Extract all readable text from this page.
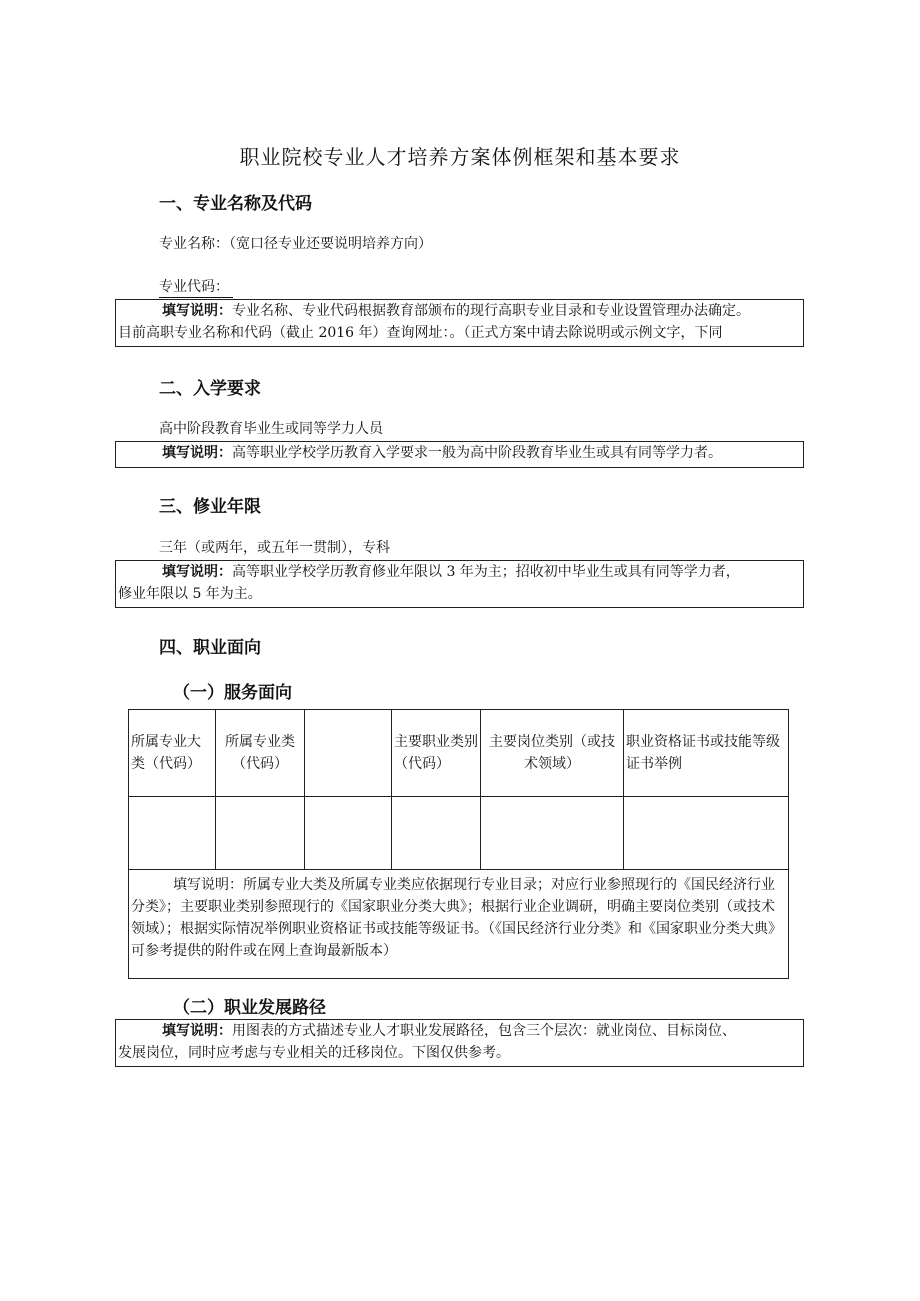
职业院校专业人才培养方案体例框架和基本要求
一、专业名称及代码
专业名称：（宽口径专业还要说明培养方向）
专业代码：
填写说明：专业名称、专业代码根据教育部颁布的现行高职专业目录和专业设置管理办法确定。
目前高职专业名称和代码（截止 2016 年）查询网址：。（正式方案中请去除说明或示例文字，下同
二、入学要求
高中阶段教育毕业生或同等学力人员
填写说明：高等职业学校学历教育入学要求一般为高中阶段教育毕业生或具有同等学力者。
三、修业年限
三年（或两年，或五年一贯制），专科
填写说明：高等职业学校学历教育修业年限以 3 年为主；招收初中毕业生或具有同等学力者，
修业年限以 5 年为主。
四、职业面向
（一）服务面向
所属专业大类（代码）	所属专业类（代码）		主要职业类别（代码）	主要岗位类别（或技术领域）	职业资格证书或技能等级证书举例

填写说明：所属专业大类及所属专业类应依据现行专业目录；对应行业参照现行的《国民经济行业分类》；主要职业类别参照现行的《国家职业分类大典》；根据行业企业调研，明确主要岗位类别（或技术领域）；根据实际情况举例职业资格证书或技能等级证书。（《国民经济行业分类》和《国家职业分类大典》可参考提供的附件或在网上查询最新版本）					
（二）职业发展路径
填写说明：用图表的方式描述专业人才职业发展路径，包含三个层次：就业岗位、目标岗位、
发展岗位，同时应考虑与专业相关的迁移岗位。下图仅供参考。
